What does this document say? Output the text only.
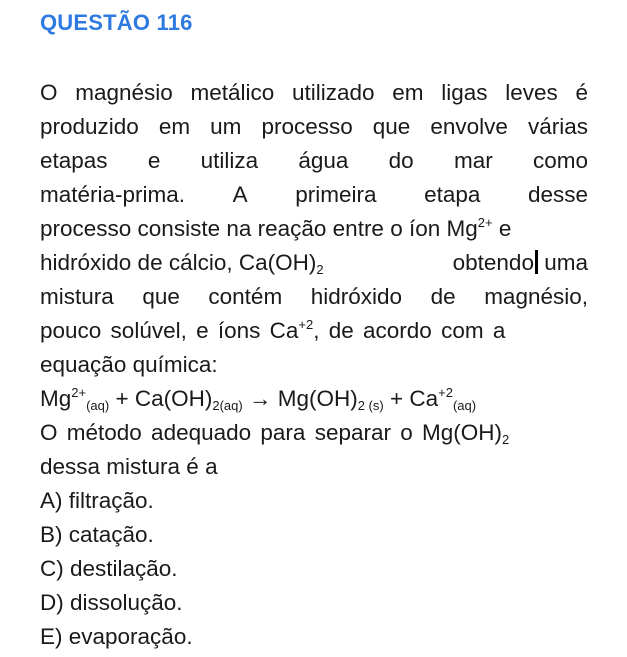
QUESTÃO 116
O magnésio metálico utilizado em ligas leves é
produzido em um processo que envolve várias
etapas e utiliza água do mar como
matéria-prima. A primeira etapa desse
processo consiste na reação entre o íon $Mg^{2+}$ e
hidróxido de cálcio, $Ca(OH)_2$	obtendo uma
mistura que contém hidróxido de magnésio,
pouco solúvel, e íons $Ca^{+2}$, de acordo com a
equação química:
$Mg^{2+}_{(aq)} + Ca(OH)_{2(aq)} \to Mg(OH)_{2 (s)} + Ca^{+2}_{(aq)}$
O método adequado para separar o $Mg(OH)_2$
dessa mistura é a
A) filtração.
B) catação.
C) destilação.
D) dissolução.
E) evaporação.
